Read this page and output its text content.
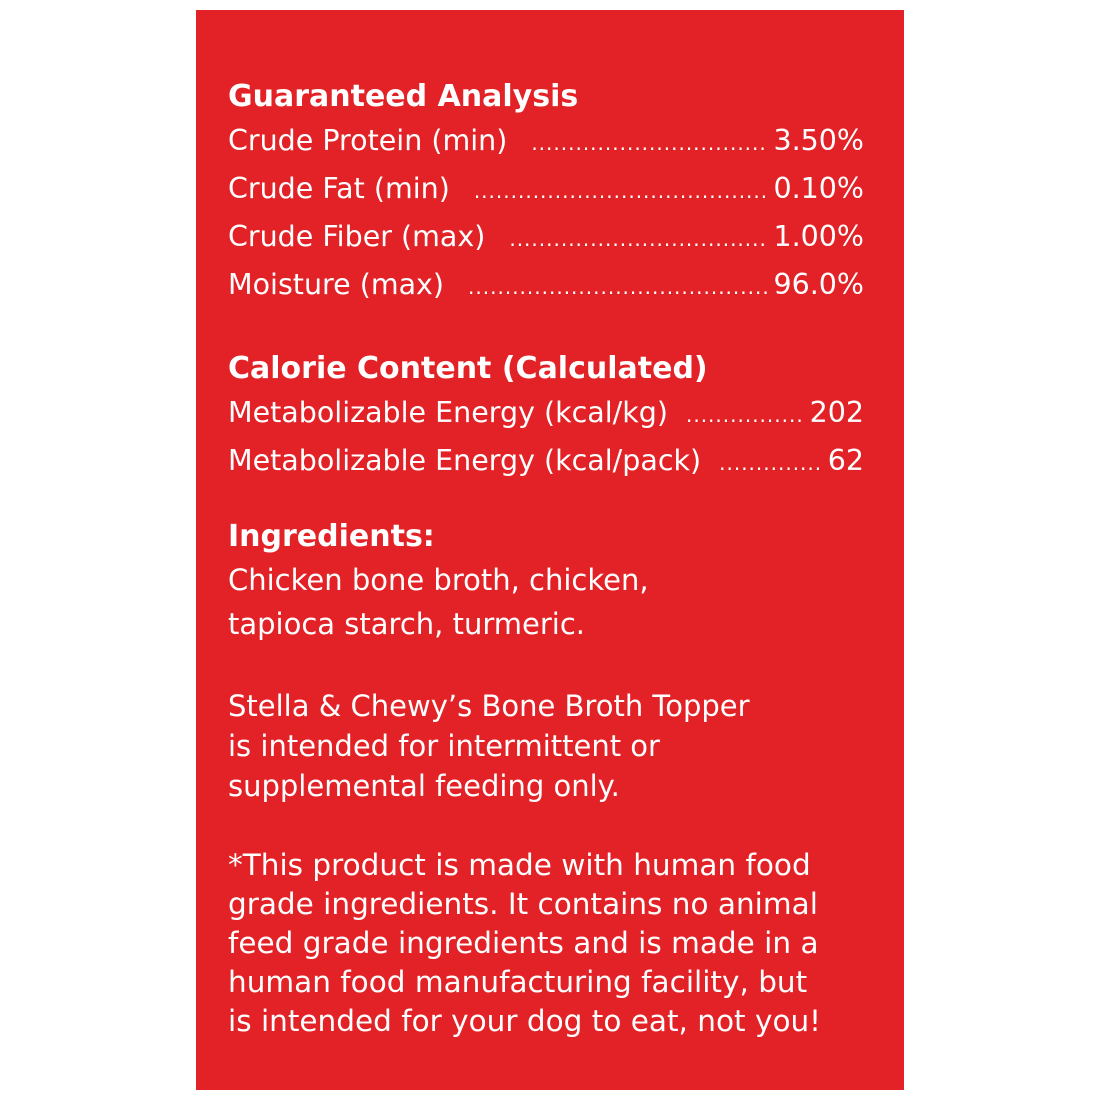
Guaranteed Analysis

Crude Protein (min) .....	3.50%
Crude Fat (min) .....	0.10%
Crude Fiber (max) .....	1.00%
Moisture (max) .....	96.0%

Calorie Content (Calculated)

Metabolizable Energy (kcal/kg) .....	202
Metabolizable Energy (kcal/pack) .....	62

Ingredients:

Chicken bone broth, chicken,

tapioca starch, turmeric.

Stella & Chewy’s Bone Broth Topper

is intended for intermittent or

supplemental feeding only.

*This product is made with human food

grade ingredients. It contains no animal

feed grade ingredients and is made in a

human food manufacturing facility, but

is intended for your dog to eat, not you!
